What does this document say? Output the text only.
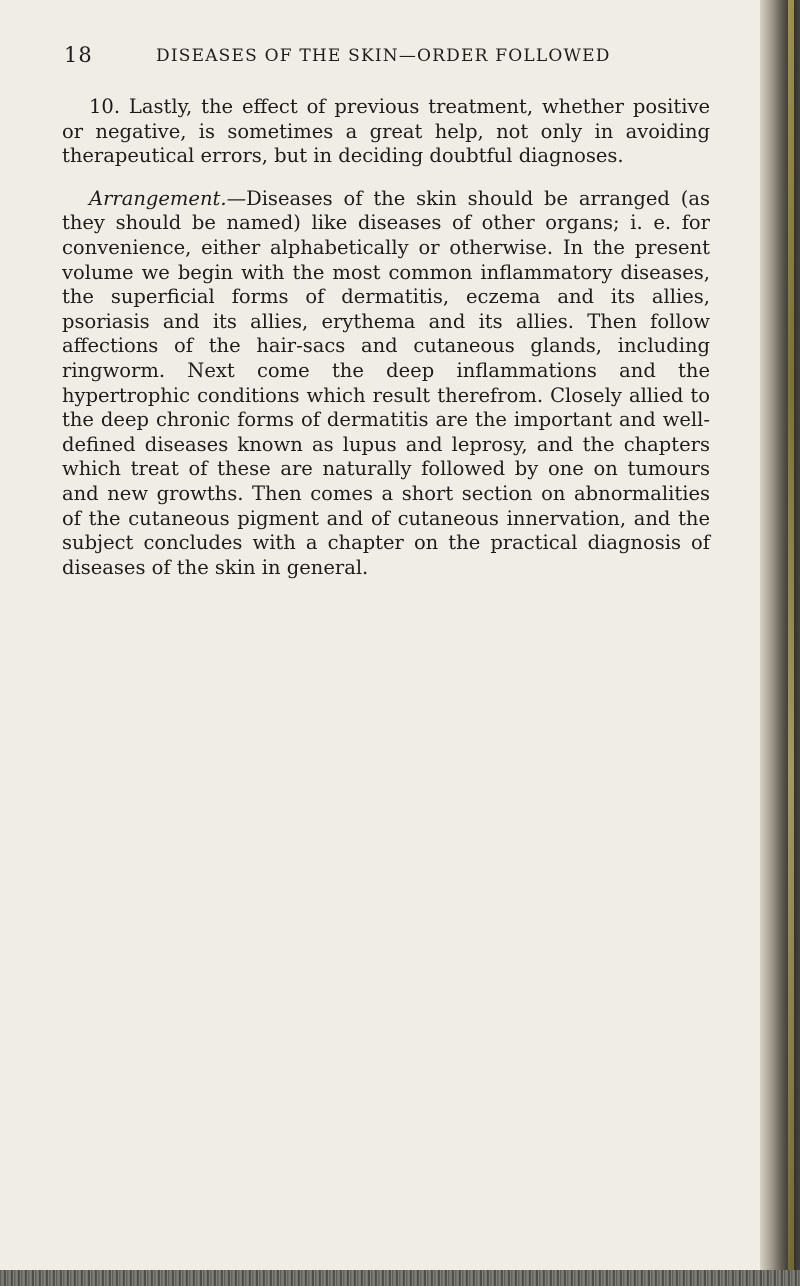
18	DISEASES OF THE SKIN—ORDER FOLLOWED

10. Lastly, the effect of previous treatment, whether positive or negative, is sometimes a great help, not only in avoiding therapeutical errors, but in deciding doubtful diagnoses.

Arrangement.—Diseases of the skin should be arranged (as they should be named) like diseases of other organs; i. e. for convenience, either alphabetically or otherwise. In the present volume we begin with the most common inflammatory diseases, the superficial forms of dermatitis, eczema and its allies, psoriasis and its allies, erythema and its allies. Then follow affections of the hair-sacs and cutaneous glands, including ringworm. Next come the deep inflammations and the hypertrophic conditions which result therefrom. Closely allied to the deep chronic forms of dermatitis are the important and well-defined diseases known as lupus and leprosy, and the chapters which treat of these are naturally followed by one on tumours and new growths. Then comes a short section on abnormalities of the cutaneous pigment and of cutaneous innervation, and the subject concludes with a chapter on the practical diagnosis of diseases of the skin in general.
